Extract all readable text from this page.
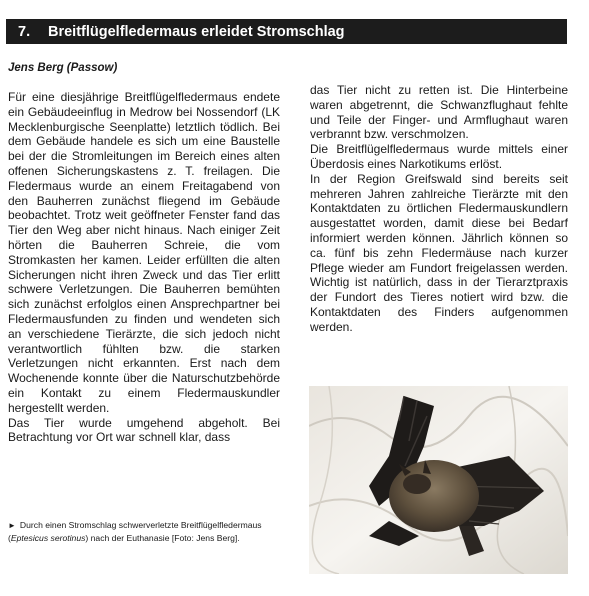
7.	Breitflügelfledermaus erleidet Stromschlag
Jens Berg (Passow)

Für eine diesjährige Breitflügelfledermaus endete ein Gebäudeeinflug in Medrow bei Nossendorf (LK Mecklenburgische Seenplatte) letztlich tödlich. Bei dem Gebäude handele es sich um eine Baustelle bei der die Stromleitungen im Bereich eines alten offenen Sicherungskastens z. T. freilagen. Die Fledermaus wurde an einem Freitagabend von den Bauherren zunächst fliegend im Gebäude beobachtet. Trotz weit geöffneter Fenster fand das Tier den Weg aber nicht hinaus. Nach einiger Zeit hörten die Bauherren Schreie, die vom Stromkasten her kamen. Leider erfüllten die alten Sicherungen nicht ihren Zweck und das Tier erlitt schwere Verletzungen. Die Bauherren bemühten sich zunächst erfolglos einen Ansprechpartner bei Fledermausfunden zu finden und wendeten sich an verschiedene Tierärzte, die sich jedoch nicht verantwortlich fühlten bzw. die starken Verletzungen nicht erkannten. Erst nach dem Wochenende konnte über die Naturschutzbehörde ein Kontakt zu einem Fledermauskundler hergestellt werden.

Das Tier wurde umgehend abgeholt. Bei Betrachtung vor Ort war schnell klar, dass

das Tier nicht zu retten ist. Die Hinterbeine waren abgetrennt, die Schwanzflughaut fehlte und Teile der Finger- und Armflughaut waren verbrannt bzw. verschmolzen.

Die Breitflügelfledermaus wurde mittels einer Überdosis eines Narkotikums erlöst.

In der Region Greifswald sind bereits seit mehreren Jahren zahlreiche Tierärzte mit den Kontaktdaten zu örtlichen Fledermauskundlern ausgestattet worden, damit diese bei Bedarf informiert werden können. Jährlich können so ca. fünf bis zehn Fledermäuse nach kurzer Pflege wieder am Fundort freigelassen werden. Wichtig ist natürlich, dass in der Tierarztpraxis der Fundort des Tieres notiert wird bzw. die Kontaktdaten des Finders aufgenommen werden.

► Durch einen Stromschlag schwerverletzte Breitflügelfledermaus (Eptesicus serotinus) nach der Euthanasie [Foto: Jens Berg].
